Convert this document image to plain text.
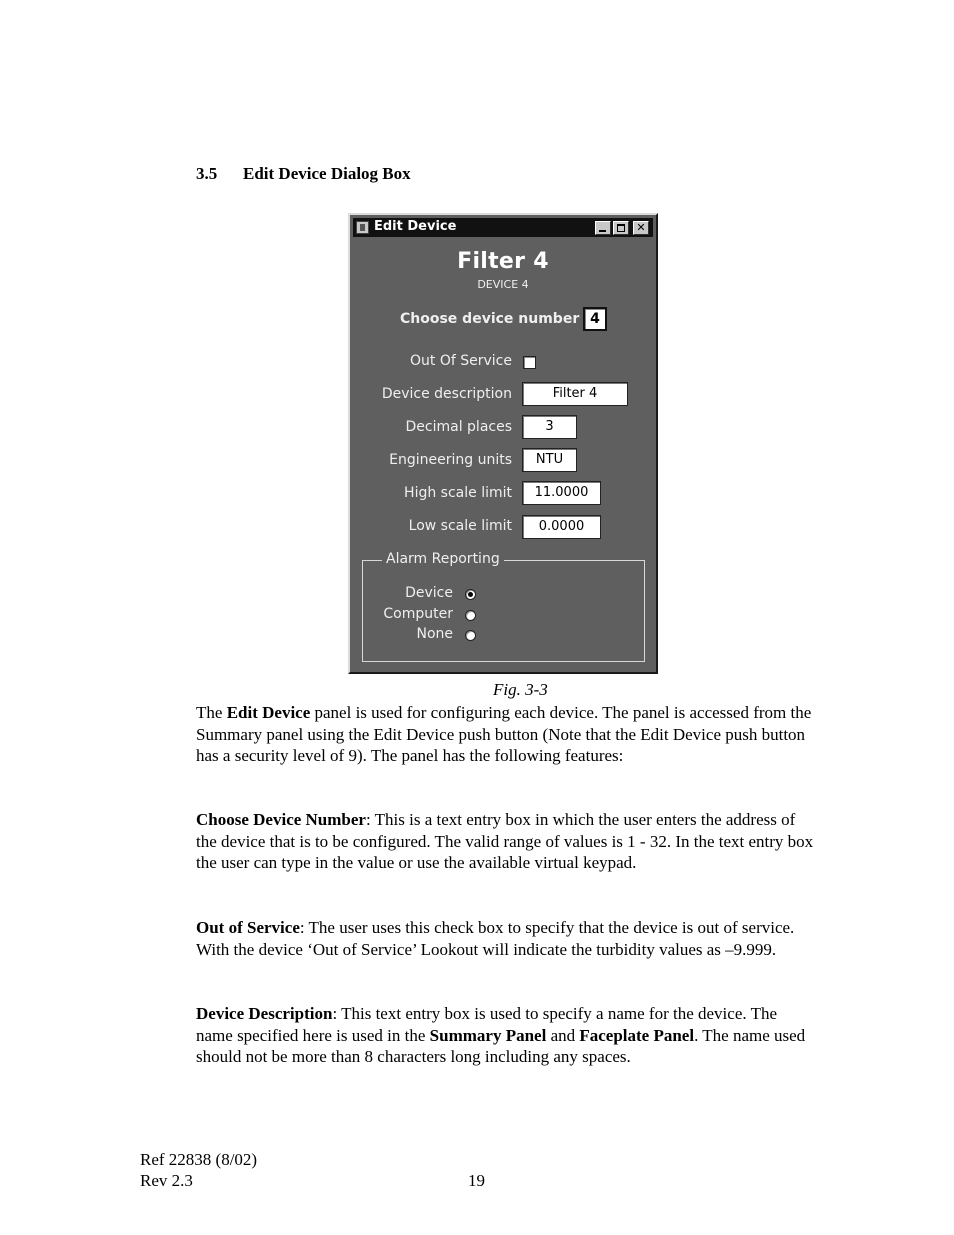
3.5 Edit Device Dialog Box
Edit Device	✕
Filter 4
DEVICE 4
Choose device number 4
Out Of Service
Device description	Filter 4
Decimal places	3
Engineering units	NTU
High scale limit	11.0000
Low scale limit	0.0000
Alarm Reporting
Device
Computer
None
Fig. 3-3
The Edit Device panel is used for configuring each device. The panel is accessed from the Summary panel using the Edit Device push button (Note that the Edit Device push button has a security level of 9). The panel has the following features:
Choose Device Number: This is a text entry box in which the user enters the address of the device that is to be configured. The valid range of values is 1 - 32. In the text entry box the user can type in the value or use the available virtual keypad.
Out of Service: The user uses this check box to specify that the device is out of service. With the device ‘Out of Service’ Lookout will indicate the turbidity values as –9.999.
Device Description: This text entry box is used to specify a name for the device. The name specified here is used in the Summary Panel and Faceplate Panel. The name used should not be more than 8 characters long including any spaces.
Ref 22838 (8/02)
Rev 2.3	19
